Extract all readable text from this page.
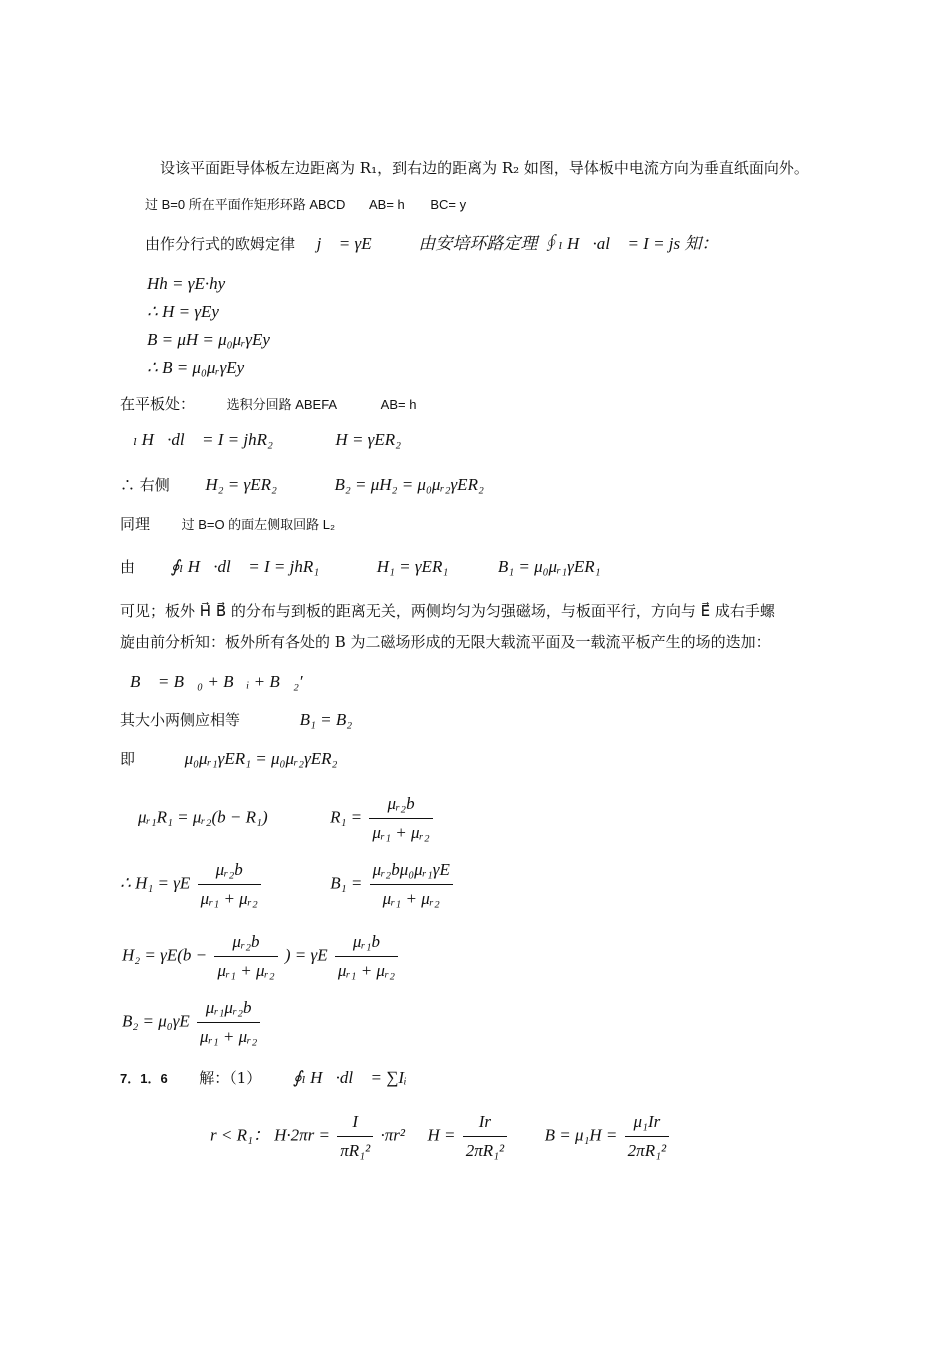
设该平面距导体板左边距离为 R₁，到右边的距离为 R₂ 如图，导体板中电流方向为垂直纸面向外。
过 B=0 所在平面作矩形环路 ABCD AB= h BC= y
由作分行式的欧姆定律 j⃗ = γE⃗ 由安培环路定理 ∮ₗ H⃗·al⃗ = I = js 知：
Hh = γE·hy
∴ H = γEy
B = μH = μ₀μᵣγEy
∴ B = μ₀μᵣγEy
在平板处： 选积分回路 ABEFA	AB= h
∮ₗ H⃗·dl⃗ = I = jhR₂	H = γER₂
∴ 右侧 H₂ = γER₂	B₂ = μH₂ = μ₀μᵣ₂γER₂
同理 过 B=O 的面左侧取回路 L₂
由 ∮ₗ H⃗·dl⃗ = I = jhR₁	H₁ = γER₁	B₁ = μ₀μᵣ₁γER₁
可见；板外 H⃗ B⃗ 的分布与到板的距离无关，两侧均匀为匀强磁场，与板面平行，方向与 E⃗ 成右手螺
旋由前分析知：板外所有各处的 B 为二磁场形成的无限大载流平面及一载流平板产生的场的迭加：
B⃗ = B⃗₀ + B⃗ᵢ + B⃗₂′
其大小两侧应相等	B₁ = B₂
即	μ₀μᵣ₁γER₁ = μ₀μᵣ₂γER₂
μᵣ₁R₁ = μᵣ₂(b − R₁)	$R_1 = \frac{\text{μᵣ₂b}}{\text{μᵣ₁ + μᵣ₂}}$
∴ H₁ = γE $\frac{\text{μᵣ₂b}}{\text{μᵣ₁ + μᵣ₂}}$	$B_1 = \frac{\text{μᵣ₂bμ₀μᵣ₁γE}}{\text{μᵣ₁ + μᵣ₂}}$
$H_2 = \gamma E(b - \frac{\text{μᵣ₂b}}{\text{μᵣ₁ + μᵣ₂}}$ ) = γE $\frac{\text{μᵣ₁b}}{\text{μᵣ₁ + μᵣ₂}}$
$B_2 = \mu_0\gamma E \frac{\text{μᵣ₁μᵣ₂b}}{\text{μᵣ₁ + μᵣ₂}}$
7．1．6 解：（1） ∮ₗ H⃗·dl⃗ = ∑Iᵢ
r < R₁： $H\cdot 2\pi r = \frac{I}{\text{πR₁²}} \cdot\pi r^2$ $H = \frac{Ir}{\text{2πR₁²}}$ $B = \mu_1H = \frac{\text{μ₁Ir}}{\text{2πR₁²}}$
